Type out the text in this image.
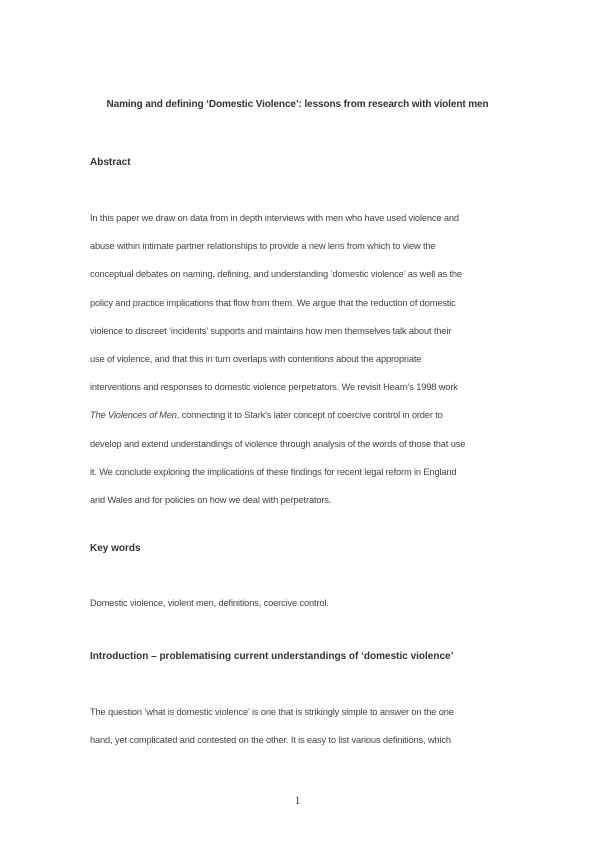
Naming and defining ‘Domestic Violence’: lessons from research with violent men
Abstract
In this paper we draw on data from in depth interviews with men who have used violence and
abuse within intimate partner relationships to provide a new lens from which to view the
conceptual debates on naming, defining, and understanding ‘domestic violence’ as well as the
policy and practice implications that flow from them. We argue that the reduction of domestic
violence to discreet ‘incidents’ supports and maintains how men themselves talk about their
use of violence, and that this in turn overlaps with contentions about the appropriate
interventions and responses to domestic violence perpetrators. We revisit Hearn's 1998 work
The Violences of Men, connecting it to Stark's later concept of coercive control in order to
develop and extend understandings of violence through analysis of the words of those that use
it. We conclude exploring the implications of these findings for recent legal reform in England
and Wales and for policies on how we deal with perpetrators.
Key words
Domestic violence, violent men, definitions, coercive control.
Introduction – problematising current understandings of ‘domestic violence’
The question ‘what is domestic violence’ is one that is strikingly simple to answer on the one
hand, yet complicated and contested on the other. It is easy to list various definitions, which
1
